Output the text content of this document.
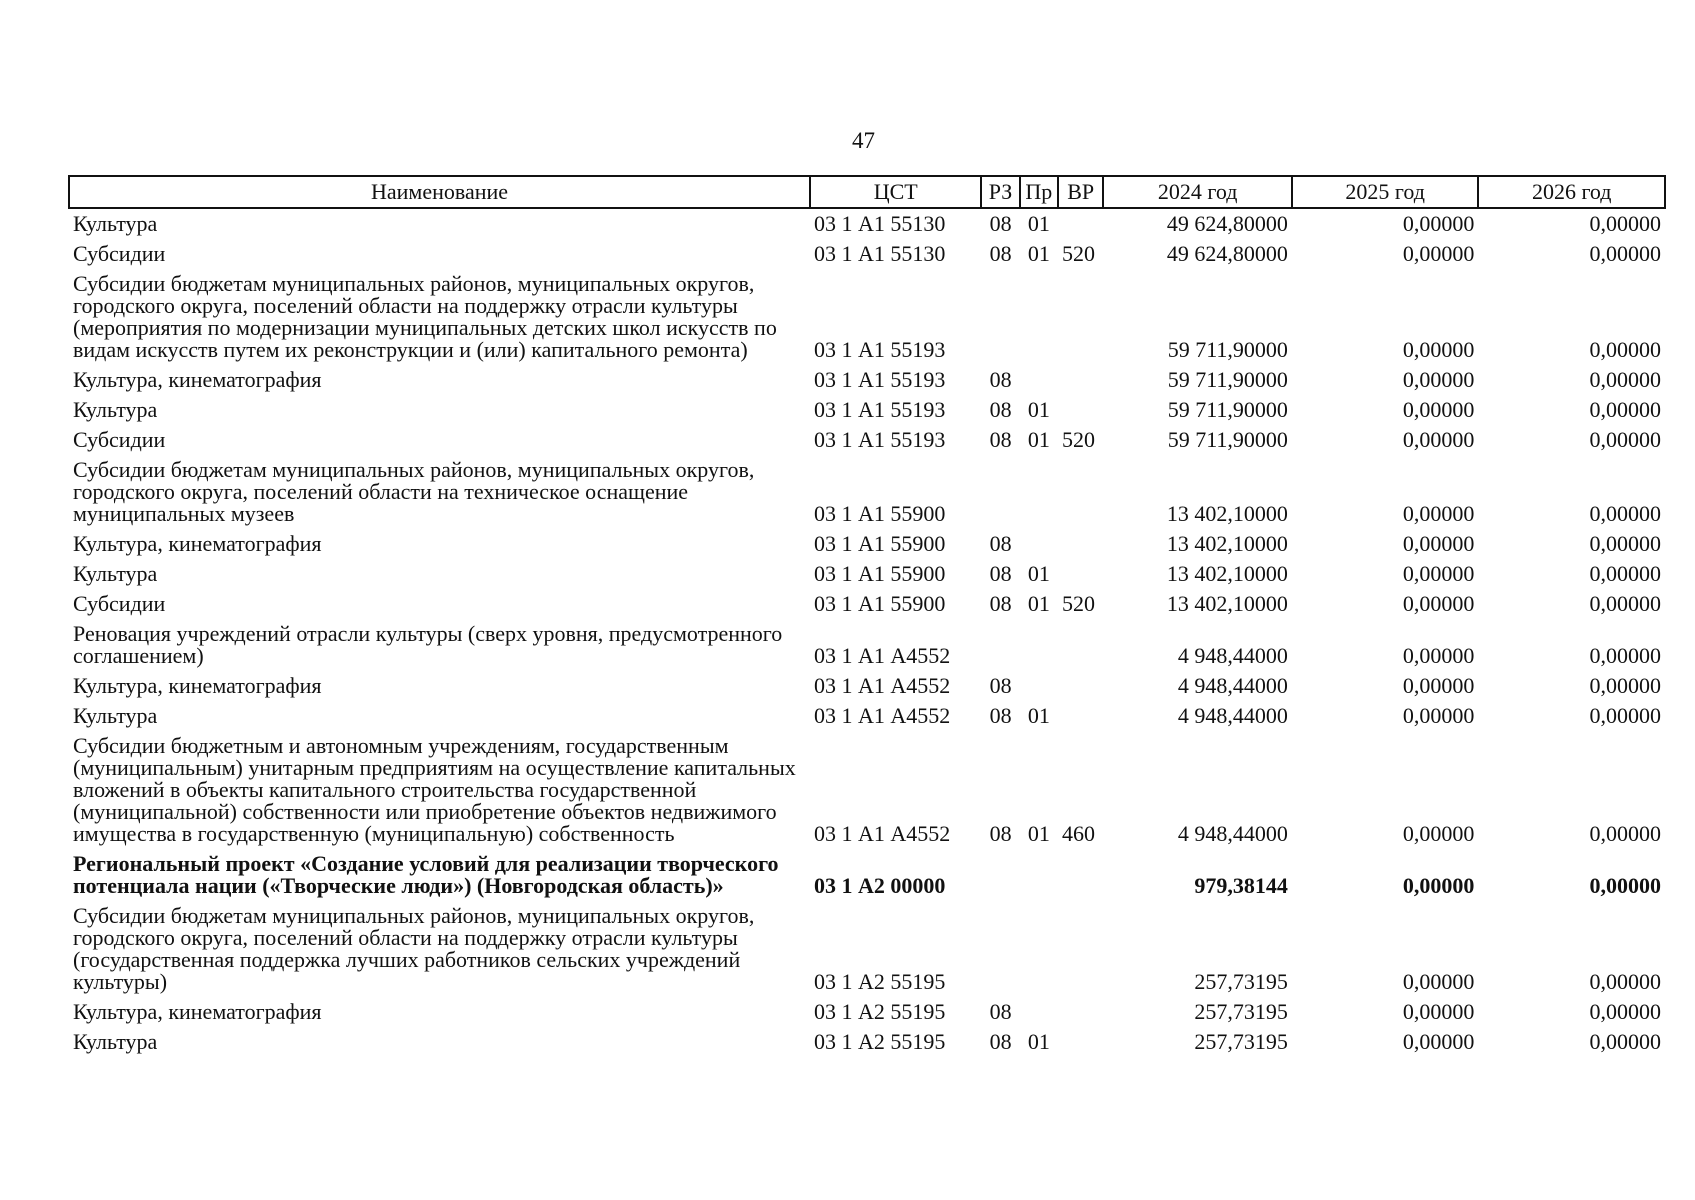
47
Наименование	ЦСТ	РЗ	Пр	ВР	2024 год	2025 год	2026 год
Культура	03 1 А1 55130	08	01		49 624,80000	0,00000	0,00000
Субсидии	03 1 А1 55130	08	01	520	49 624,80000	0,00000	0,00000
Субсидии бюджетам муниципальных районов, муниципальных округов, городского округа, поселений области на поддержку отрасли культуры (мероприятия по модернизации муниципальных детских школ искусств по видам искусств путем их реконструкции и (или) капитального ремонта)	03 1 А1 55193				59 711,90000	0,00000	0,00000
Культура, кинематография	03 1 А1 55193	08			59 711,90000	0,00000	0,00000
Культура	03 1 А1 55193	08	01		59 711,90000	0,00000	0,00000
Субсидии	03 1 А1 55193	08	01	520	59 711,90000	0,00000	0,00000
Субсидии бюджетам муниципальных районов, муниципальных округов, городского округа, поселений области на техническое оснащение муниципальных музеев	03 1 А1 55900				13 402,10000	0,00000	0,00000
Культура, кинематография	03 1 А1 55900	08			13 402,10000	0,00000	0,00000
Культура	03 1 А1 55900	08	01		13 402,10000	0,00000	0,00000
Субсидии	03 1 А1 55900	08	01	520	13 402,10000	0,00000	0,00000
Реновация учреждений отрасли культуры (сверх уровня, предусмотренного соглашением)	03 1 А1 А4552				4 948,44000	0,00000	0,00000
Культура, кинематография	03 1 А1 А4552	08			4 948,44000	0,00000	0,00000
Культура	03 1 А1 А4552	08	01		4 948,44000	0,00000	0,00000
Субсидии бюджетным и автономным учреждениям, государственным (муниципальным) унитарным предприятиям на осуществление капитальных вложений в объекты капитального строительства государственной (муниципальной) собственности или приобретение объектов недвижимого имущества в государственную (муниципальную) собственность	03 1 А1 А4552	08	01	460	4 948,44000	0,00000	0,00000
Региональный проект «Создание условий для реализации творческого потенциала нации («Творческие люди») (Новгородская область)»	03 1 А2 00000				979,38144	0,00000	0,00000
Субсидии бюджетам муниципальных районов, муниципальных округов, городского округа, поселений области на поддержку отрасли культуры (государственная поддержка лучших работников сельских учреждений культуры)	03 1 А2 55195				257,73195	0,00000	0,00000
Культура, кинематография	03 1 А2 55195	08			257,73195	0,00000	0,00000
Культура	03 1 А2 55195	08	01		257,73195	0,00000	0,00000
